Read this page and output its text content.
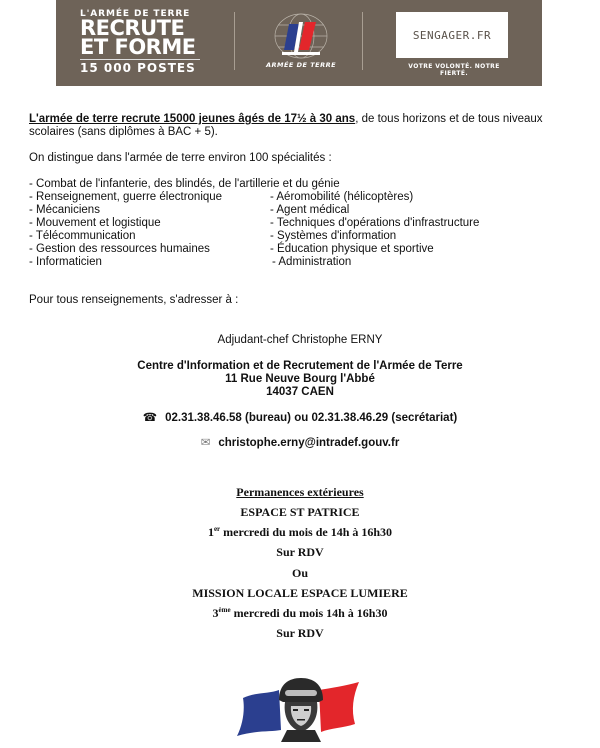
L'ARMÉE DE TERRE
RECRUTE
ET FORME
15 000 POSTES	ARMÉE DE TERRE
SENGAGER.FR
VOTRE VOLONTÉ. NOTRE FIERTÉ.
L'armée de terre recrute 15000 jeunes âgés de 17½ à 30 ans, de tous horizons et de tous niveaux
scolaires (sans diplômes à BAC + 5).
On distingue dans l'armée de terre environ 100 spécialités :
- Combat de l'infanterie, des blindés, de l'artillerie et du génie
- Renseignement, guerre électronique
- Mécaniciens
- Mouvement et logistique
- Télécommunication
- Gestion des ressources humaines
- Informaticien
- Aéromobilité (hélicoptères)
- Agent médical
- Techniques d'opérations d'infrastructure
- Systèmes d'information
- Éducation physique et sportive
- Administration
Pour tous renseignements, s'adresser à :
Adjudant-chef Christophe ERNY
Centre d'Information et de Recrutement de l'Armée de Terre
11 Rue Neuve Bourg l'Abbé
14037 CAEN
☎ 02.31.38.46.58 (bureau) ou 02.31.38.46.29 (secrétariat)
✉ christophe.erny@intradef.gouv.fr
Permanences extérieures
ESPACE ST PATRICE
1er mercredi du mois de 14h à 16h30
Sur RDV
Ou
MISSION LOCALE ESPACE LUMIERE
3ème mercredi du mois 14h à 16h30
Sur RDV
